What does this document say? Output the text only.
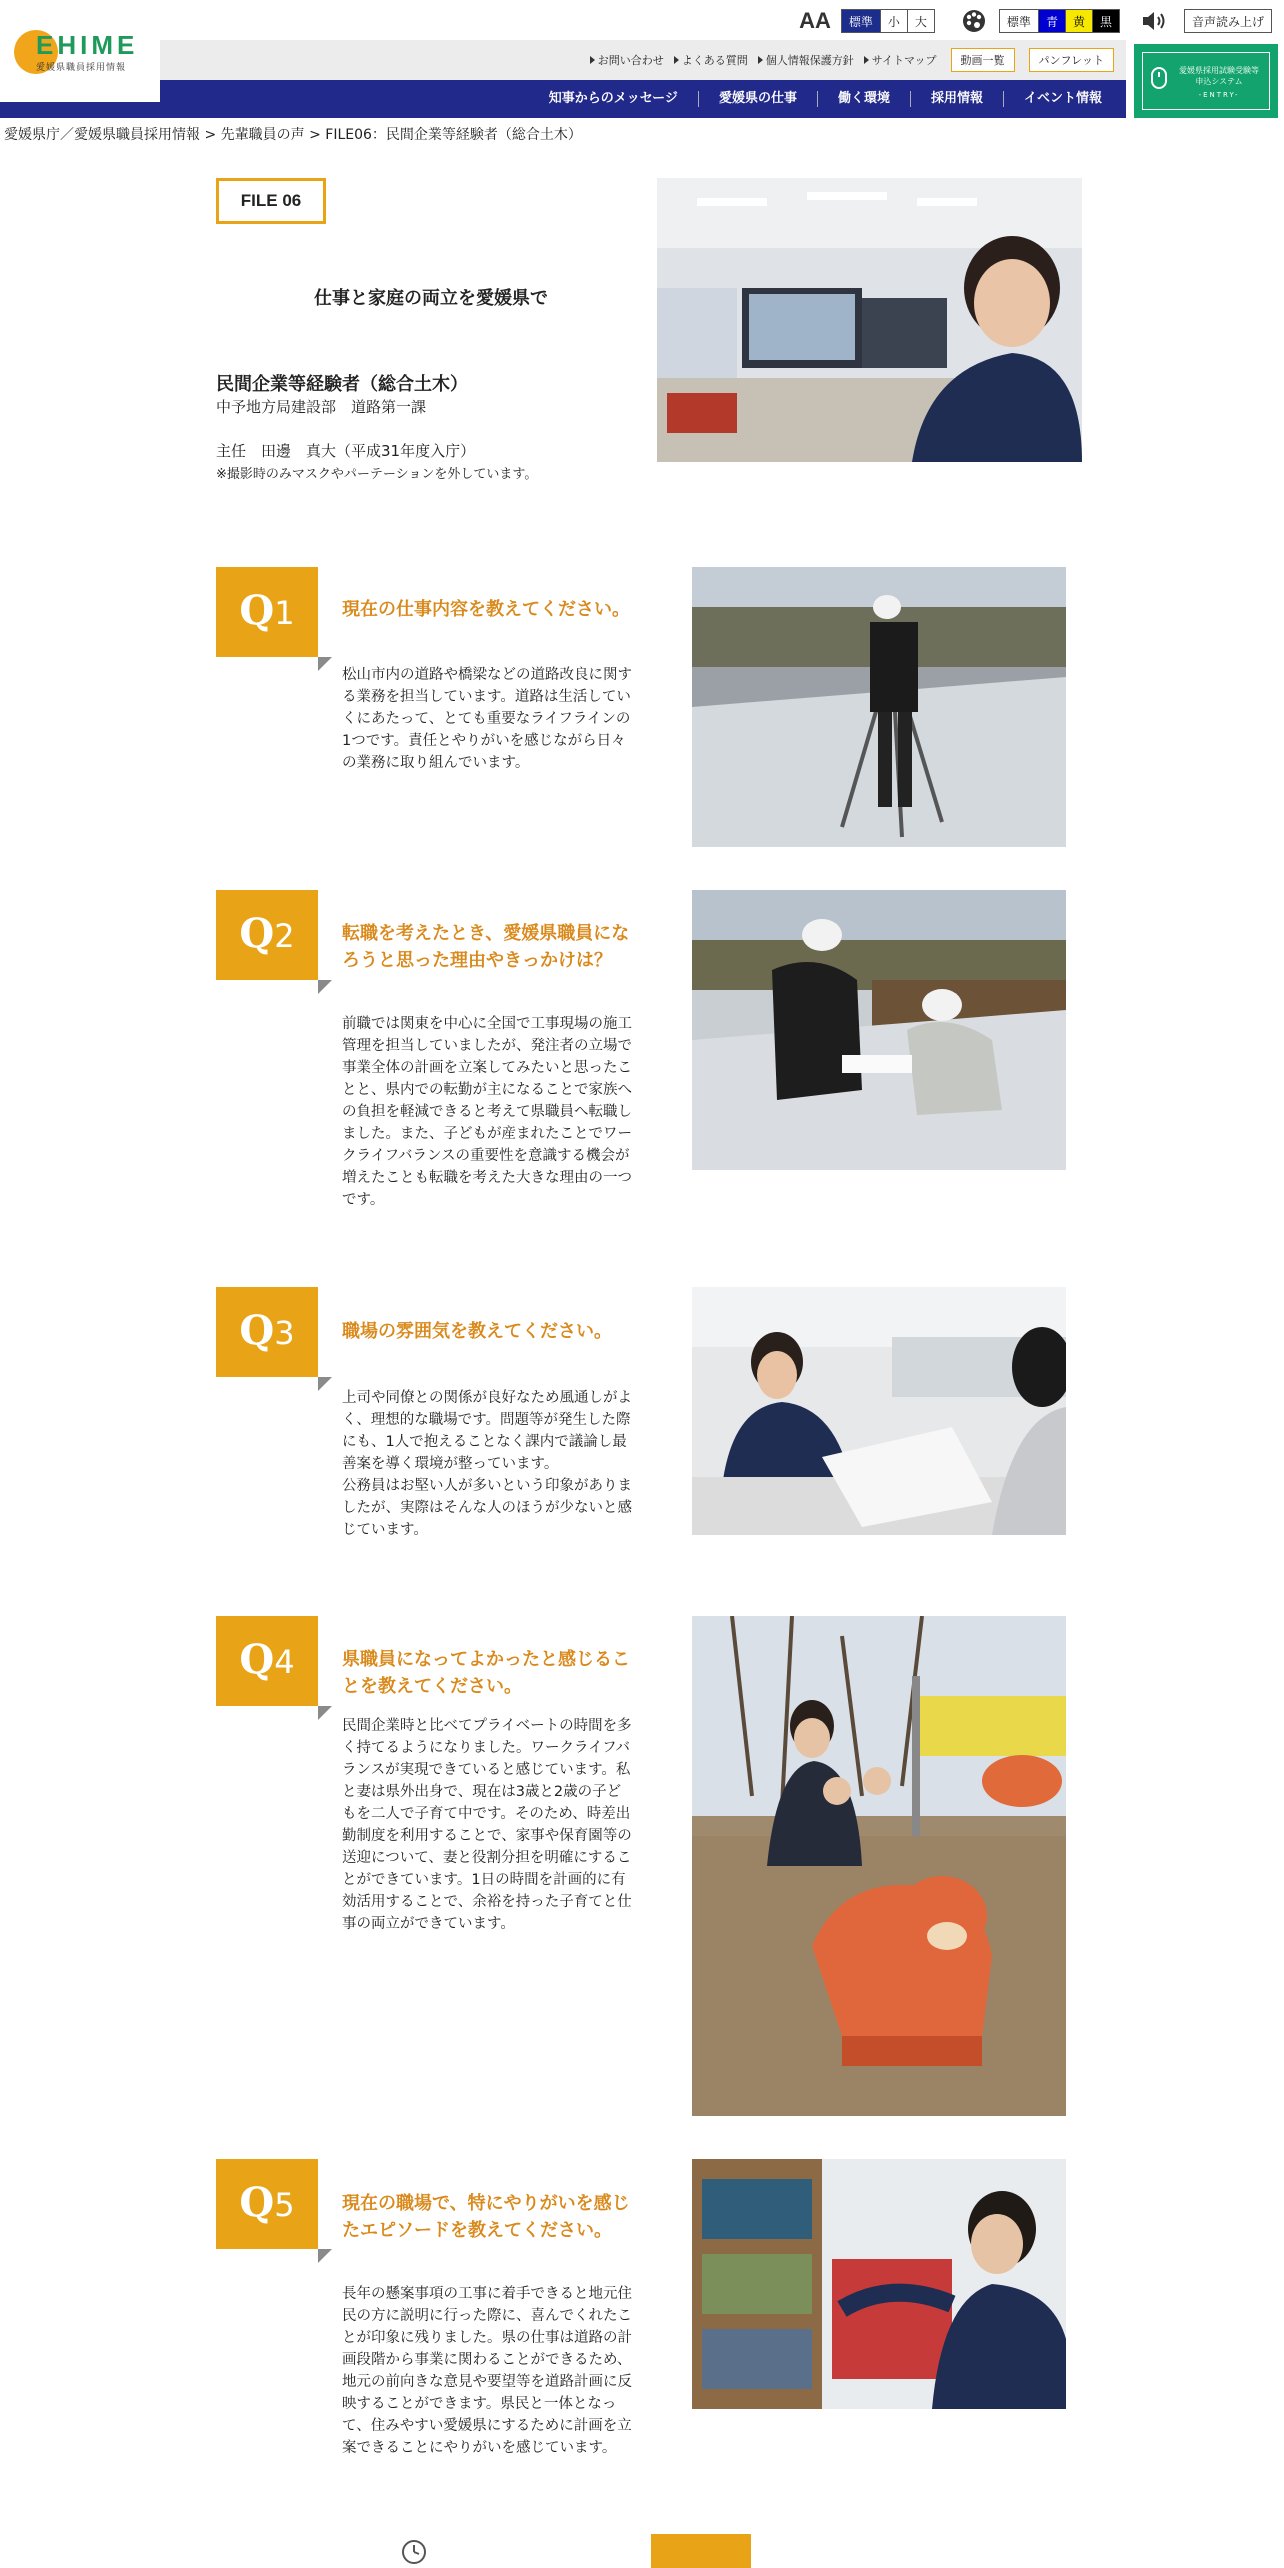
EHIME
愛媛県職員採用情報
AA	標準	小	大	標準	青	黄	黒	音声読み上げ
お問い合わせ よくある質問 個人情報保護方針 サイトマップ	動画一覧	パンフレット
知事からのメッセージ	愛媛県の仕事	働く環境	採用情報	イベント情報
愛媛県採用試験受験等
申込システム
-ENTRY-
愛媛県庁／愛媛県職員採用情報 > 先輩職員の声 > FILE06：民間企業等経験者（総合土木）
FILE 06
仕事と家庭の両立を愛媛県で
民間企業等経験者（総合土木）
中予地方局建設部　道路第一課
主任　田邊　真大（平成31年度入庁）
※撮影時のみマスクやパーテーションを外しています。
Q1	現在の仕事内容を教えてください。
松山市内の道路や橋梁などの道路改良に関する業務を担当しています。道路は生活していくにあたって、とても重要なライフラインの1つです。責任とやりがいを感じながら日々の業務に取り組んでいます。
Q2	転職を考えたとき、愛媛県職員になろうと思った理由やきっかけは？
前職では関東を中心に全国で工事現場の施工管理を担当していましたが、発注者の立場で事業全体の計画を立案してみたいと思ったことと、県内での転勤が主になることで家族への負担を軽減できると考えて県職員へ転職しました。また、子どもが産まれたことでワークライフバランスの重要性を意識する機会が増えたことも転職を考えた大きな理由の一つです。
Q3	職場の雰囲気を教えてください。
上司や同僚との関係が良好なため風通しがよく、理想的な職場です。問題等が発生した際にも、1人で抱えることなく課内で議論し最善案を導く環境が整っています。
公務員はお堅い人が多いという印象がありましたが、実際はそんな人のほうが少ないと感じています。
Q4	県職員になってよかったと感じることを教えてください。
民間企業時と比べてプライベートの時間を多く持てるようになりました。ワークライフバランスが実現できていると感じています。私と妻は県外出身で、現在は3歳と2歳の子どもを二人で子育て中です。そのため、時差出勤制度を利用することで、家事や保育園等の送迎について、妻と役割分担を明確にすることができています。1日の時間を計画的に有効活用することで、余裕を持った子育てと仕事の両立ができています。
Q5	現在の職場で、特にやりがいを感じたエピソードを教えてください。
長年の懸案事項の工事に着手できると地元住民の方に説明に行った際に、喜んでくれたことが印象に残りました。県の仕事は道路の計画段階から事業に関わることができるため、地元の前向きな意見や要望等を道路計画に反映することができます。県民と一体となって、住みやすい愛媛県にするために計画を立案できることにやりがいを感じています。
